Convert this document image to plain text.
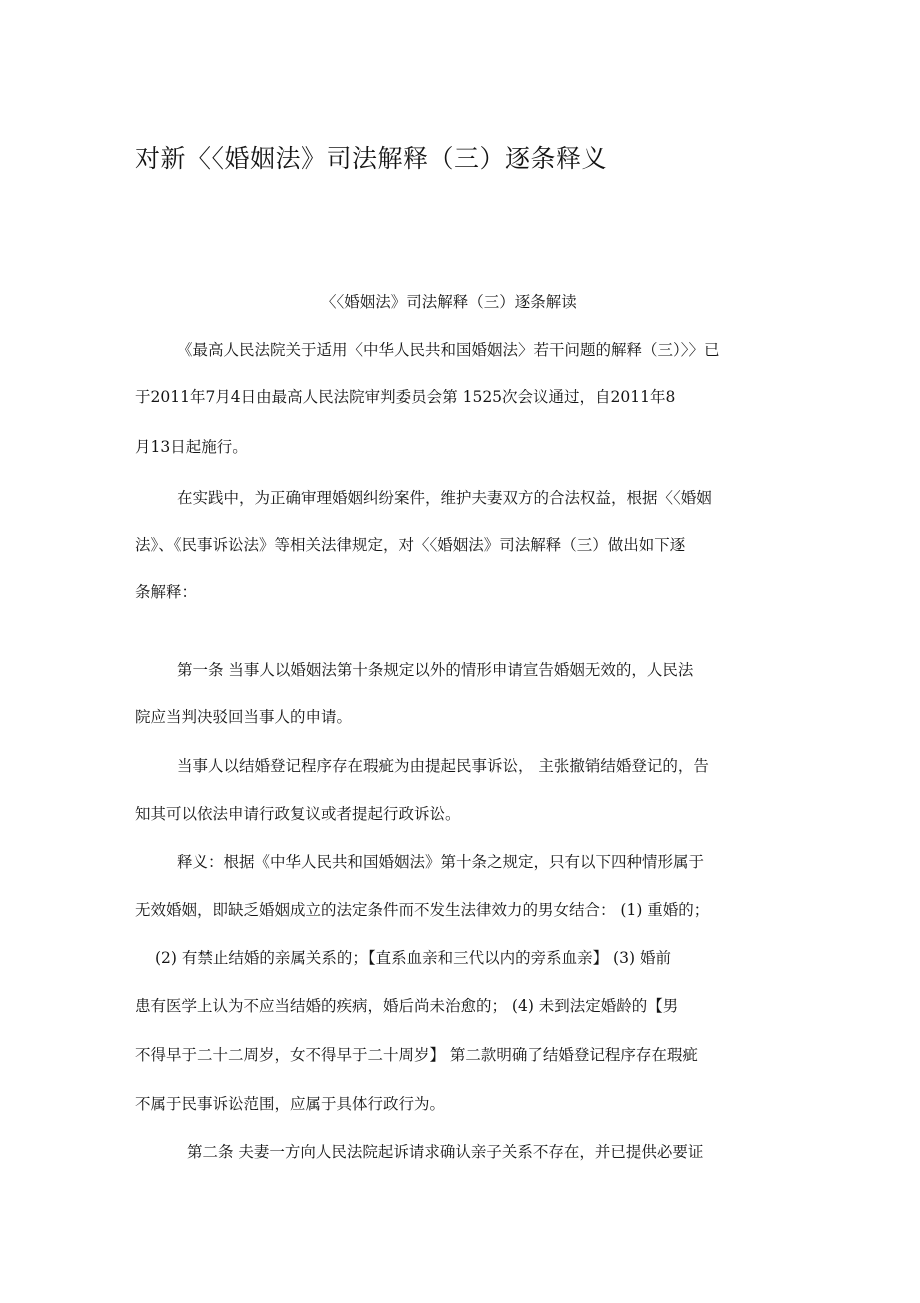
对新〈〈婚姻法》司法解释（三）逐条释义
〈〈婚姻法》司法解释（三）逐条解读
《最高人民法院关于适用〈中华人民共和国婚姻法〉若干问题的解释（三）〉〉已
于2011年7月4日由最高人民法院审判委员会第 1525次会议通过，自2011年8
月13日起施行。
在实践中，为正确审理婚姻纠纷案件，维护夫妻双方的合法权益，根据〈〈婚姻
法》、《民事诉讼法》等相关法律规定，对〈〈婚姻法》司法解释（三）做出如下逐
条解释：
第一条 当事人以婚姻法第十条规定以外的情形申请宣告婚姻无效的，人民法
院应当判决驳回当事人的申请。
当事人以结婚登记程序存在瑕疵为由提起民事诉讼， 主张撤销结婚登记的，告
知其可以依法申请行政复议或者提起行政诉讼。
释义：根据《中华人民共和国婚姻法》第十条之规定，只有以下四种情形属于
无效婚姻，即缺乏婚姻成立的法定条件而不发生法律效力的男女结合： (1) 重婚的；
(2) 有禁止结婚的亲属关系的；【直系血亲和三代以内的旁系血亲】 (3) 婚前
患有医学上认为不应当结婚的疾病，婚后尚未治愈的； (4) 未到法定婚龄的【男
不得早于二十二周岁，女不得早于二十周岁】 第二款明确了结婚登记程序存在瑕疵
不属于民事诉讼范围，应属于具体行政行为。
第二条 夫妻一方向人民法院起诉请求确认亲子关系不存在，并已提供必要证
